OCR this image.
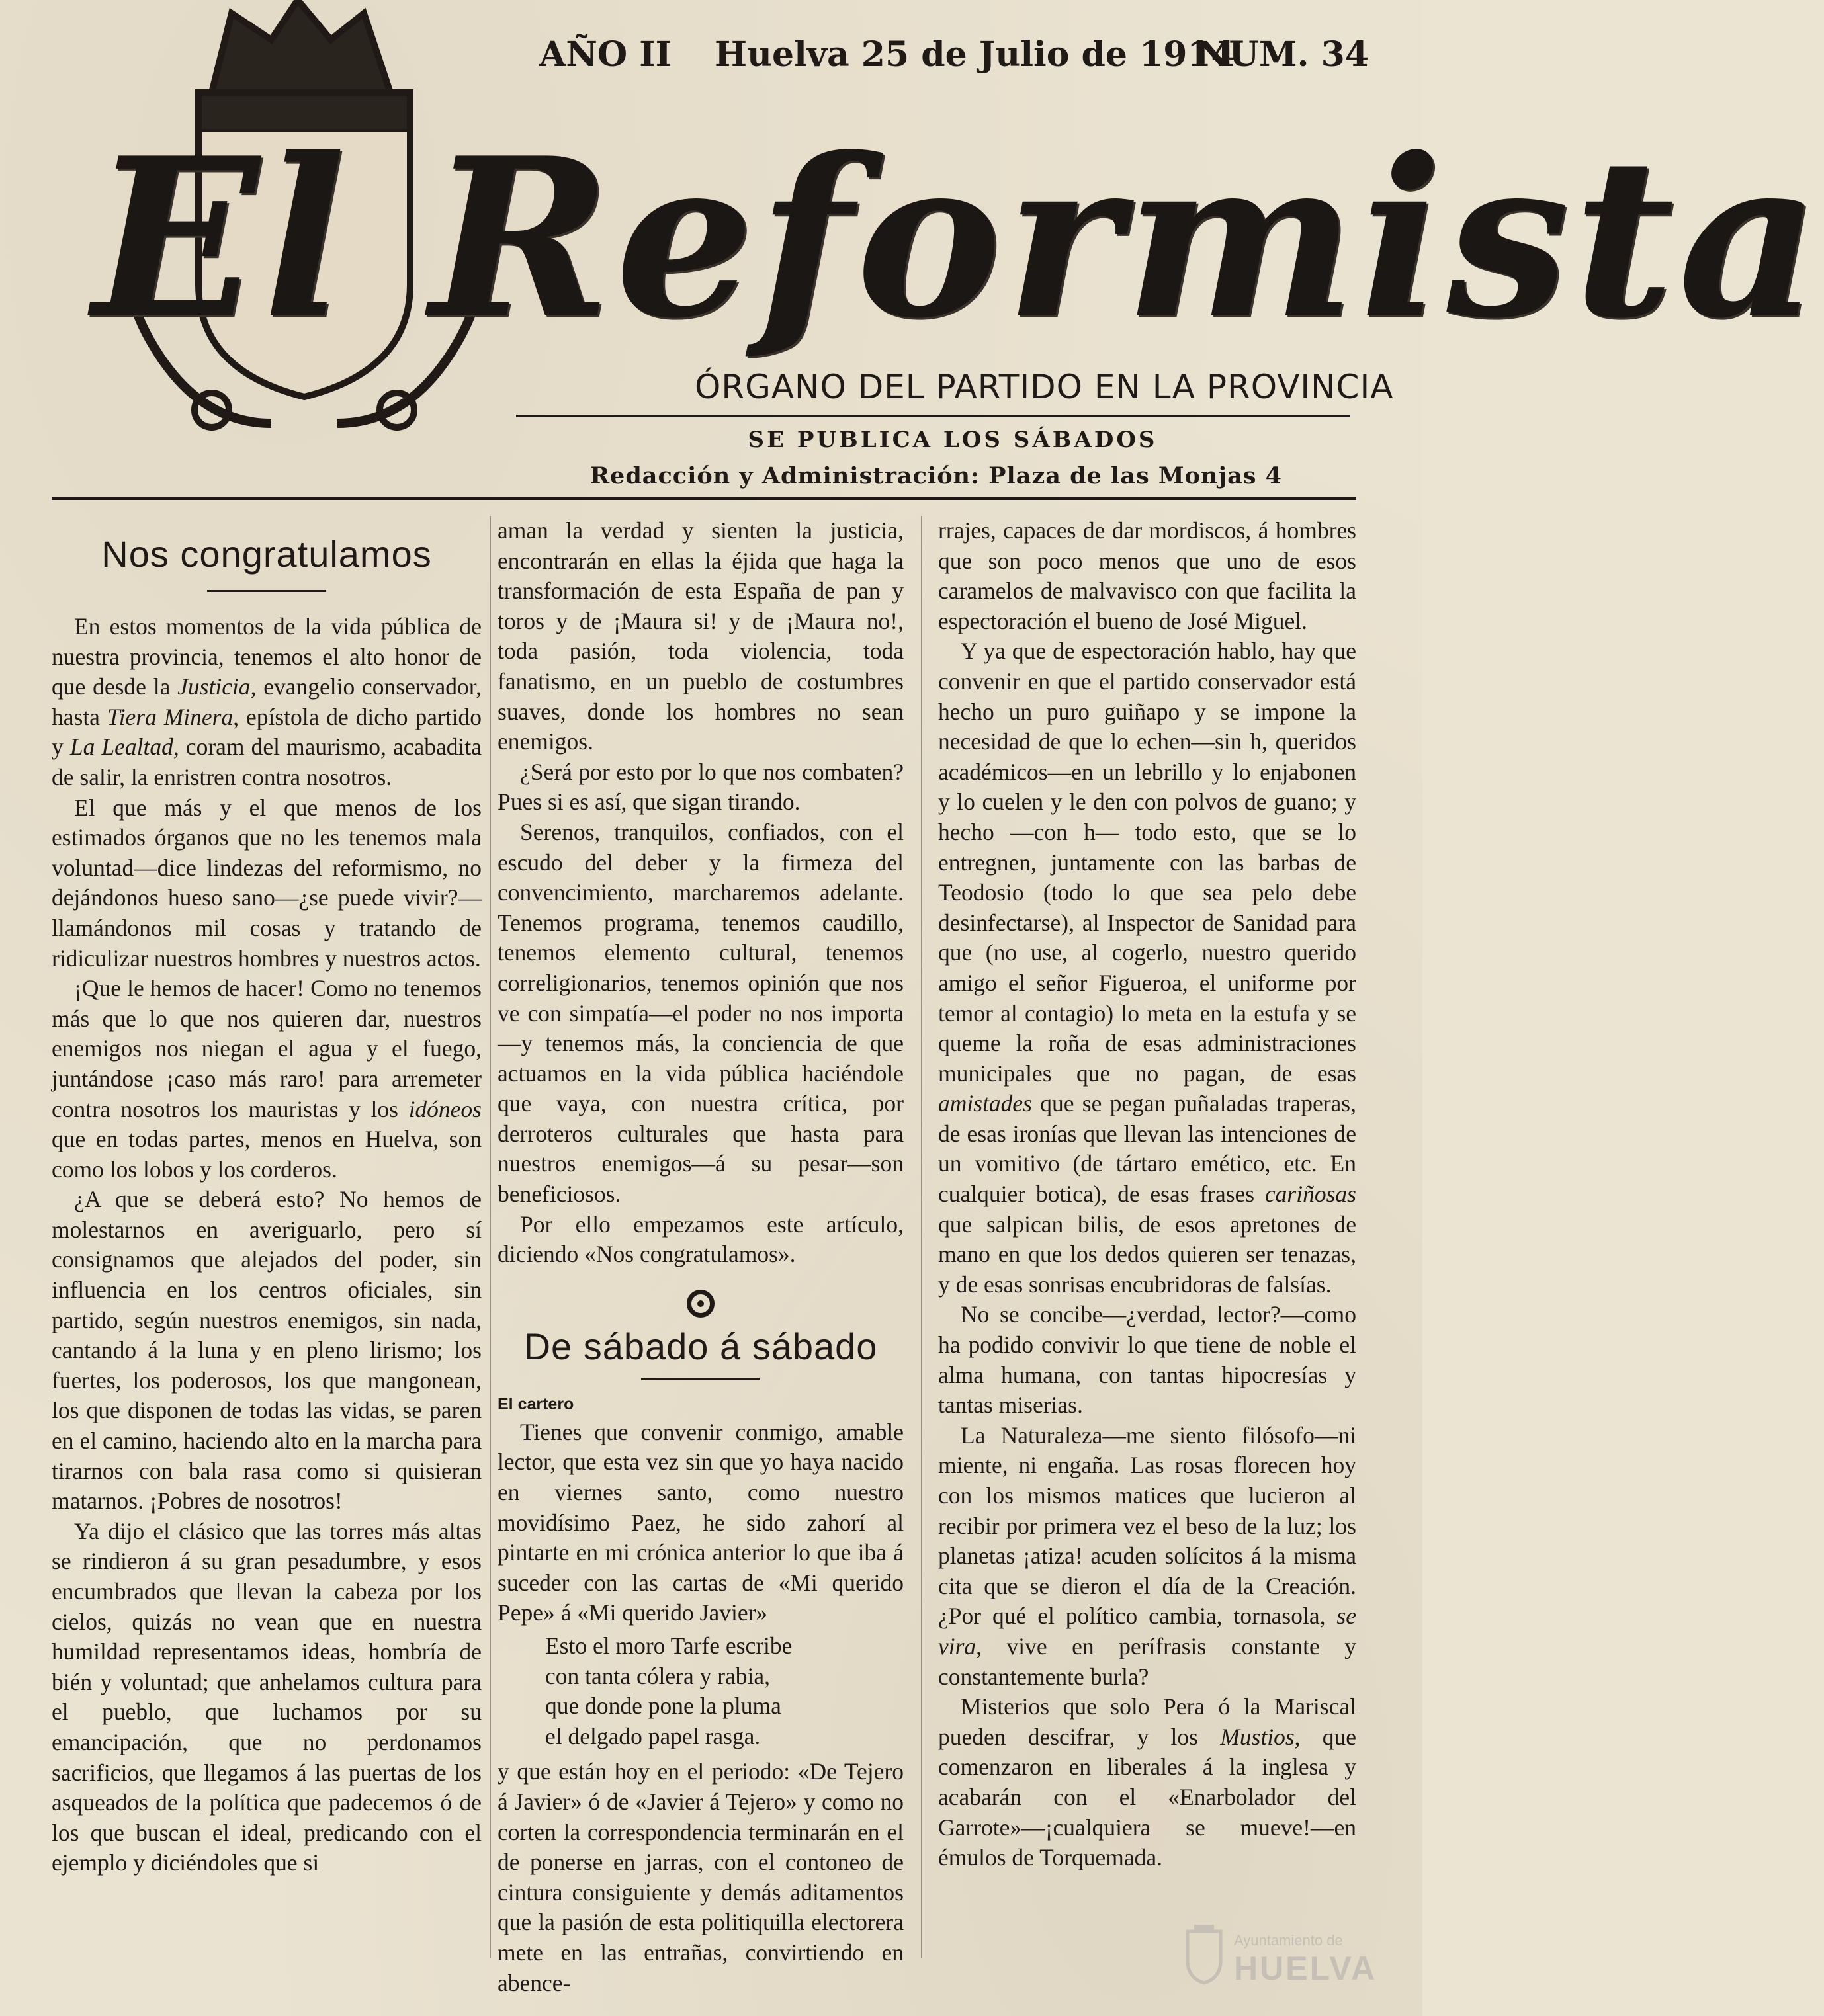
El Reformista
AÑO II Huelva 25 de Julio de 1914
NUM. 34
ÓRGANO DEL PARTIDO EN LA PROVINCIA
SE PUBLICA LOS SÁBADOS
Redacción y Administración: Plaza de las Monjas 4
Nos congratulamos

En estos momentos de la vida pública de nuestra provincia, tenemos el alto honor de que desde la Justicia, evangelio conservador, hasta Tiera Minera, epístola de dicho partido y La Lealtad, coram del maurismo, acabadita de salir, la enristren contra nosotros.

El que más y el que menos de los estimados órganos que no les tenemos mala voluntad—dice lindezas del reformismo, no dejándonos hueso sano—¿se puede vivir?—llamándonos mil cosas y tratando de ridiculizar nuestros hombres y nuestros actos.

¡Que le hemos de hacer! Como no tenemos más que lo que nos quieren dar, nuestros enemigos nos niegan el agua y el fuego, juntándose ¡caso más raro! para arremeter contra nosotros los mauristas y los idóneos que en todas partes, menos en Huelva, son como los lobos y los corderos.

¿A que se deberá esto? No hemos de molestarnos en averiguarlo, pero sí consignamos que alejados del poder, sin influencia en los centros oficiales, sin partido, según nuestros enemigos, sin nada, cantando á la luna y en pleno lirismo; los fuertes, los poderosos, los que mangonean, los que disponen de todas las vidas, se paren en el camino, haciendo alto en la marcha para tirarnos con bala rasa como si quisieran matarnos. ¡Pobres de nosotros!

Ya dijo el clásico que las torres más altas se rindieron á su gran pesadumbre, y esos encumbrados que llevan la cabeza por los cielos, quizás no vean que en nuestra humildad representamos ideas, hombría de bién y voluntad; que anhelamos cultura para el pueblo, que luchamos por su emancipación, que no perdonamos sacrificios, que llegamos á las puertas de los asqueados de la política que padecemos ó de los que buscan el ideal, predicando con el ejemplo y diciéndoles que si

aman la verdad y sienten la justicia, encontrarán en ellas la éjida que haga la transformación de esta España de pan y toros y de ¡Maura si! y de ¡Maura no!, toda pasión, toda violencia, toda fanatismo, en un pueblo de costumbres suaves, donde los hombres no sean enemigos.

¿Será por esto por lo que nos combaten? Pues si es así, que sigan tirando.

Serenos, tranquilos, confiados, con el escudo del deber y la firmeza del convencimiento, marcharemos adelante. Tenemos programa, tenemos caudillo, tenemos elemento cultural, tenemos correligionarios, tenemos opinión que nos ve con simpatía—el poder no nos importa—y tenemos más, la conciencia de que actuamos en la vida pública haciéndole que vaya, con nuestra crítica, por derroteros culturales que hasta para nuestros enemigos—á su pesar—son beneficiosos.

Por ello empezamos este artículo, diciendo «Nos congratulamos».

De sábado á sábado

El cartero

Tienes que convenir conmigo, amable lector, que esta vez sin que yo haya nacido en viernes santo, como nuestro movidísimo Paez, he sido zahorí al pintarte en mi crónica anterior lo que iba á suceder con las cartas de «Mi querido Pepe» á «Mi querido Javier»

Esto el moro Tarfe escribe
con tanta cólera y rabia,
que donde pone la pluma
el delgado papel rasga.

y que están hoy en el periodo: «De Tejero á Javier» ó de «Javier á Tejero» y como no corten la correspondencia terminarán en el de ponerse en jarras, con el contoneo de cintura consiguiente y demás aditamentos que la pasión de esta politiquilla electorera mete en las entrañas, convirtiendo en abence-

rrajes, capaces de dar mordiscos, á hombres que son poco menos que uno de esos caramelos de malvavisco con que facilita la espectoración el bueno de José Miguel.

Y ya que de espectoración hablo, hay que convenir en que el partido conservador está hecho un puro guiñapo y se impone la necesidad de que lo echen—sin h, queridos académicos—en un lebrillo y lo enjabonen y lo cuelen y le den con polvos de guano; y hecho —con h— todo esto, que se lo entregnen, juntamente con las barbas de Teodosio (todo lo que sea pelo debe desinfectarse), al Inspector de Sanidad para que (no use, al cogerlo, nuestro querido amigo el señor Figueroa, el uniforme por temor al contagio) lo meta en la estufa y se queme la roña de esas administraciones municipales que no pagan, de esas amistades que se pegan puñaladas traperas, de esas ironías que llevan las intenciones de un vomitivo (de tártaro emético, etc. En cualquier botica), de esas frases cariñosas que salpican bilis, de esos apretones de mano en que los dedos quieren ser tenazas, y de esas sonrisas encubridoras de falsías.

No se concibe—¿verdad, lector?—como ha podido convivir lo que tiene de noble el alma humana, con tantas hipocresías y tantas miserias.

La Naturaleza—me siento filósofo—ni miente, ni engaña. Las rosas florecen hoy con los mismos matices que lucieron al recibir por primera vez el beso de la luz; los planetas ¡atiza! acuden solícitos á la misma cita que se dieron el día de la Creación. ¿Por qué el político cambia, tornasola, se vira, vive en perífrasis constante y constantemente burla?

Misterios que solo Pera ó la Mariscal pueden descifrar, y los Mustios, que comenzaron en liberales á la inglesa y acabarán con el «Enarbolador del Garrote»—¡cualquiera se mueve!—en émulos de Torquemada.

Ayuntamiento de
HUELVA
